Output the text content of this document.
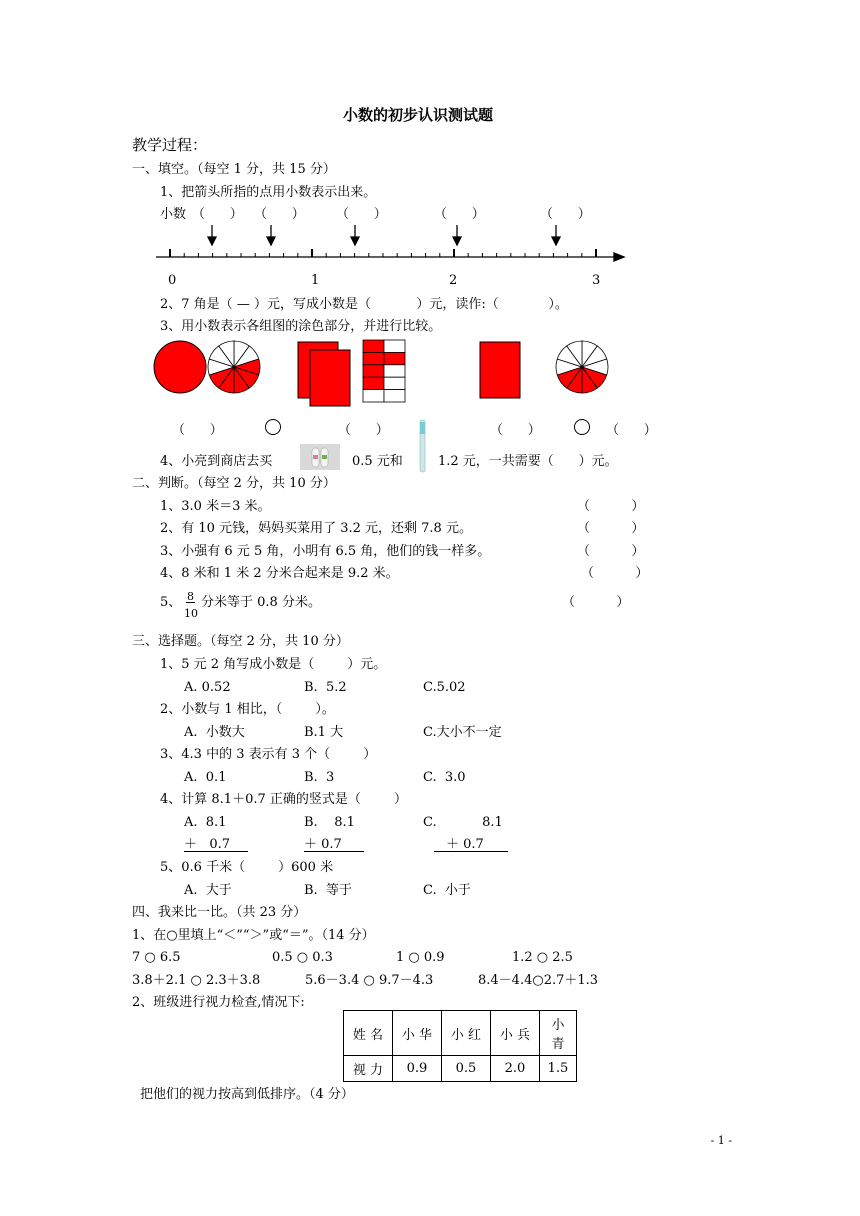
小数的初步认识测试题
教学过程：
一、填空。（每空 1 分，共 15 分）
1、把箭头所指的点用小数表示出来。
小数 （      ） （      ） （      ）	（      ）	（      ）
0	1	2	3
2、7 角是（ — ）元，写成小数是（           ）元，读作:（            ）。
3、用小数表示各组图的涂色部分，并进行比较。
（      ）	（      ）	（      ）	（      ）
4、小亮到商店去买	0.5 元和	1.2 元，一共需要（      ）元。
二、判断。（每空 2 分，共 10 分）
1、3.0 米＝3 米。	（          ）
2、有 10 元钱，妈妈买菜用了 3.2 元，还剩 7.8 元。	（          ）
3、小强有 6 元 5 角，小明有 6.5 角，他们的钱一样多。	（          ）
4、8 米和 1 米 2 分米合起来是 9.2 米。	（          ）
5、 8
10
分米等于 0.8 分米。	（          ）
三、选择题。（每空 2 分，共 10 分）
1、5 元 2 角写成小数是（        ）元。
A. 0.52	B.  5.2	C.5.02
2、小数与 1 相比，（        ）。
A.  小数大	B.1 大	C.大小不一定
3、4.3 中的 3 表示有 3 个（        ）
A.  0.1	B.  3	C.  3.0
4、计算 8.1＋0.7 正确的竖式是（        ）
A.  8.1	B.    8.1	C.           8.1
＋   0.7	＋ 0.7	＋ 0.7
5、0.6 千米（        ）600 米
A.  大于	B.  等于	C.  小于
四、我来比一比。（共 23 分）
1、在○里填上“＜”“＞”或“＝”。（14 分）
7 ○ 6.5	0.5 ○ 0.3	1 ○ 0.9	1.2 ○ 2.5
3.8＋2.1 ○ 2.3＋3.8	5.6－3.4 ○ 9.7－4.3	8.4－4.4○2.7＋1.3
2、班级进行视力检查,情况下:
姓 名	小 华	小 红	小 兵	小青
视 力	0.9	0.5	2.0	1.5
把他们的视力按高到低排序。（4 分）
- 1 -
